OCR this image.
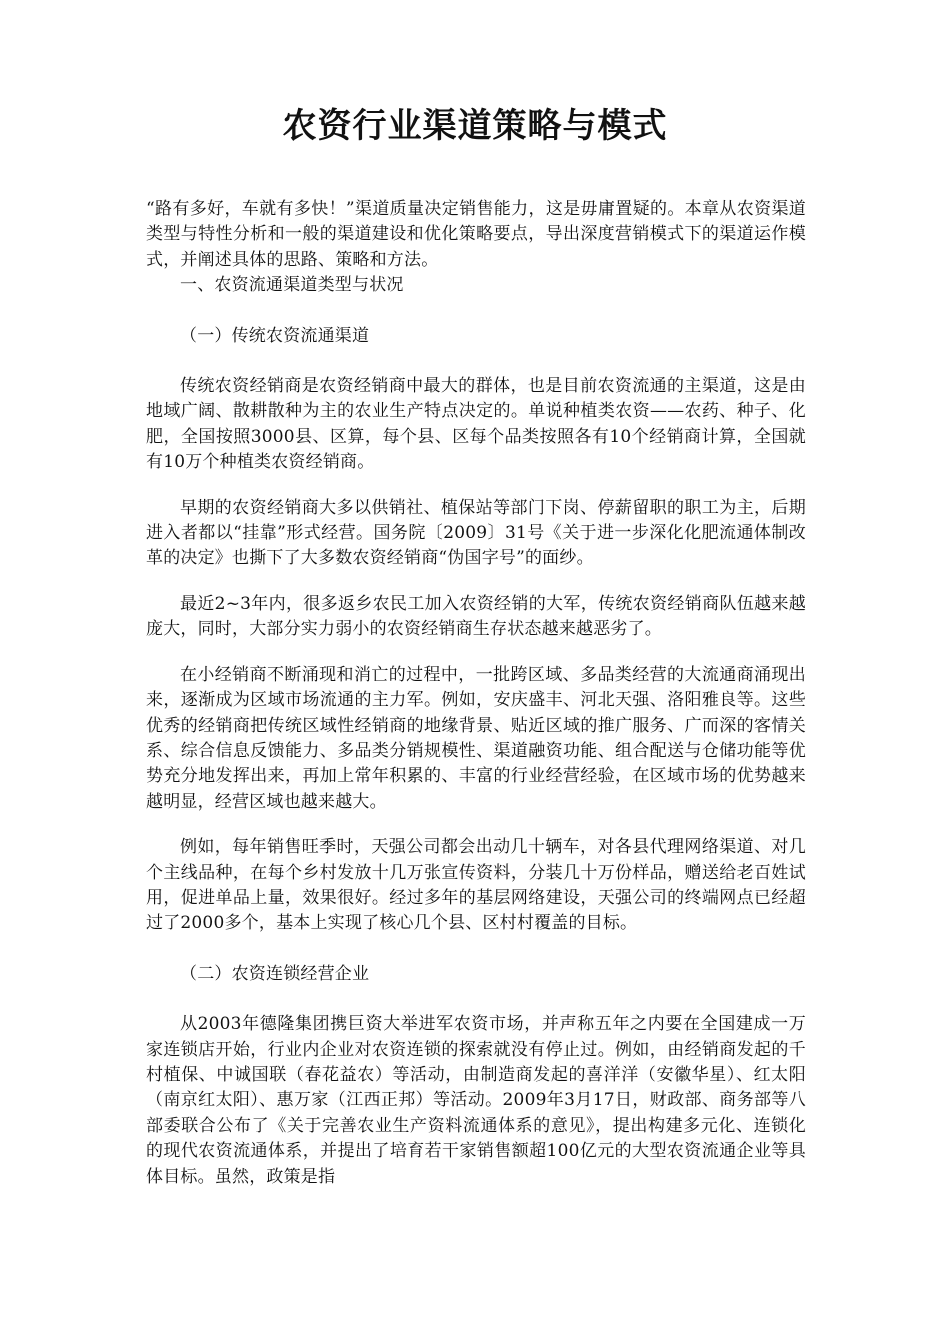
农资行业渠道策略与模式

“路有多好，车就有多快！”渠道质量决定销售能力，这是毋庸置疑的。本章从农资渠道类型与特性分析和一般的渠道建设和优化策略要点，导出深度营销模式下的渠道运作模式，并阐述具体的思路、策略和方法。

一、农资流通渠道类型与状况

（一）传统农资流通渠道

传统农资经销商是农资经销商中最大的群体，也是目前农资流通的主渠道，这是由地域广阔、散耕散种为主的农业生产特点决定的。单说种植类农资——农药、种子、化肥，全国按照3000县、区算，每个县、区每个品类按照各有10个经销商计算，全国就有10万个种植类农资经销商。

早期的农资经销商大多以供销社、植保站等部门下岗、停薪留职的职工为主，后期进入者都以“挂靠”形式经营。国务院〔2009〕31号《关于进一步深化化肥流通体制改革的决定》也撕下了大多数农资经销商“伪国字号”的面纱。

最近2~3年内，很多返乡农民工加入农资经销的大军，传统农资经销商队伍越来越庞大，同时，大部分实力弱小的农资经销商生存状态越来越恶劣了。

在小经销商不断涌现和消亡的过程中，一批跨区域、多品类经营的大流通商涌现出来，逐渐成为区域市场流通的主力军。例如，安庆盛丰、河北天强、洛阳雅良等。这些优秀的经销商把传统区域性经销商的地缘背景、贴近区域的推广服务、广而深的客情关系、综合信息反馈能力、多品类分销规模性、渠道融资功能、组合配送与仓储功能等优势充分地发挥出来，再加上常年积累的、丰富的行业经营经验，在区域市场的优势越来越明显，经营区域也越来越大。

例如，每年销售旺季时，天强公司都会出动几十辆车，对各县代理网络渠道、对几个主线品种，在每个乡村发放十几万张宣传资料，分装几十万份样品，赠送给老百姓试用，促进单品上量，效果很好。经过多年的基层网络建设，天强公司的终端网点已经超过了2000多个，基本上实现了核心几个县、区村村覆盖的目标。

（二）农资连锁经营企业

从2003年德隆集团携巨资大举进军农资市场，并声称五年之内要在全国建成一万家连锁店开始，行业内企业对农资连锁的探索就没有停止过。例如，由经销商发起的千村植保、中诚国联（春花益农）等活动，由制造商发起的喜洋洋（安徽华星）、红太阳（南京红太阳）、惠万家（江西正邦）等活动。2009年3月17日，财政部、商务部等八部委联合公布了《关于完善农业生产资料流通体系的意见》，提出构建多元化、连锁化的现代农资流通体系，并提出了培育若干家销售额超100亿元的大型农资流通企业等具体目标。虽然，政策是指
